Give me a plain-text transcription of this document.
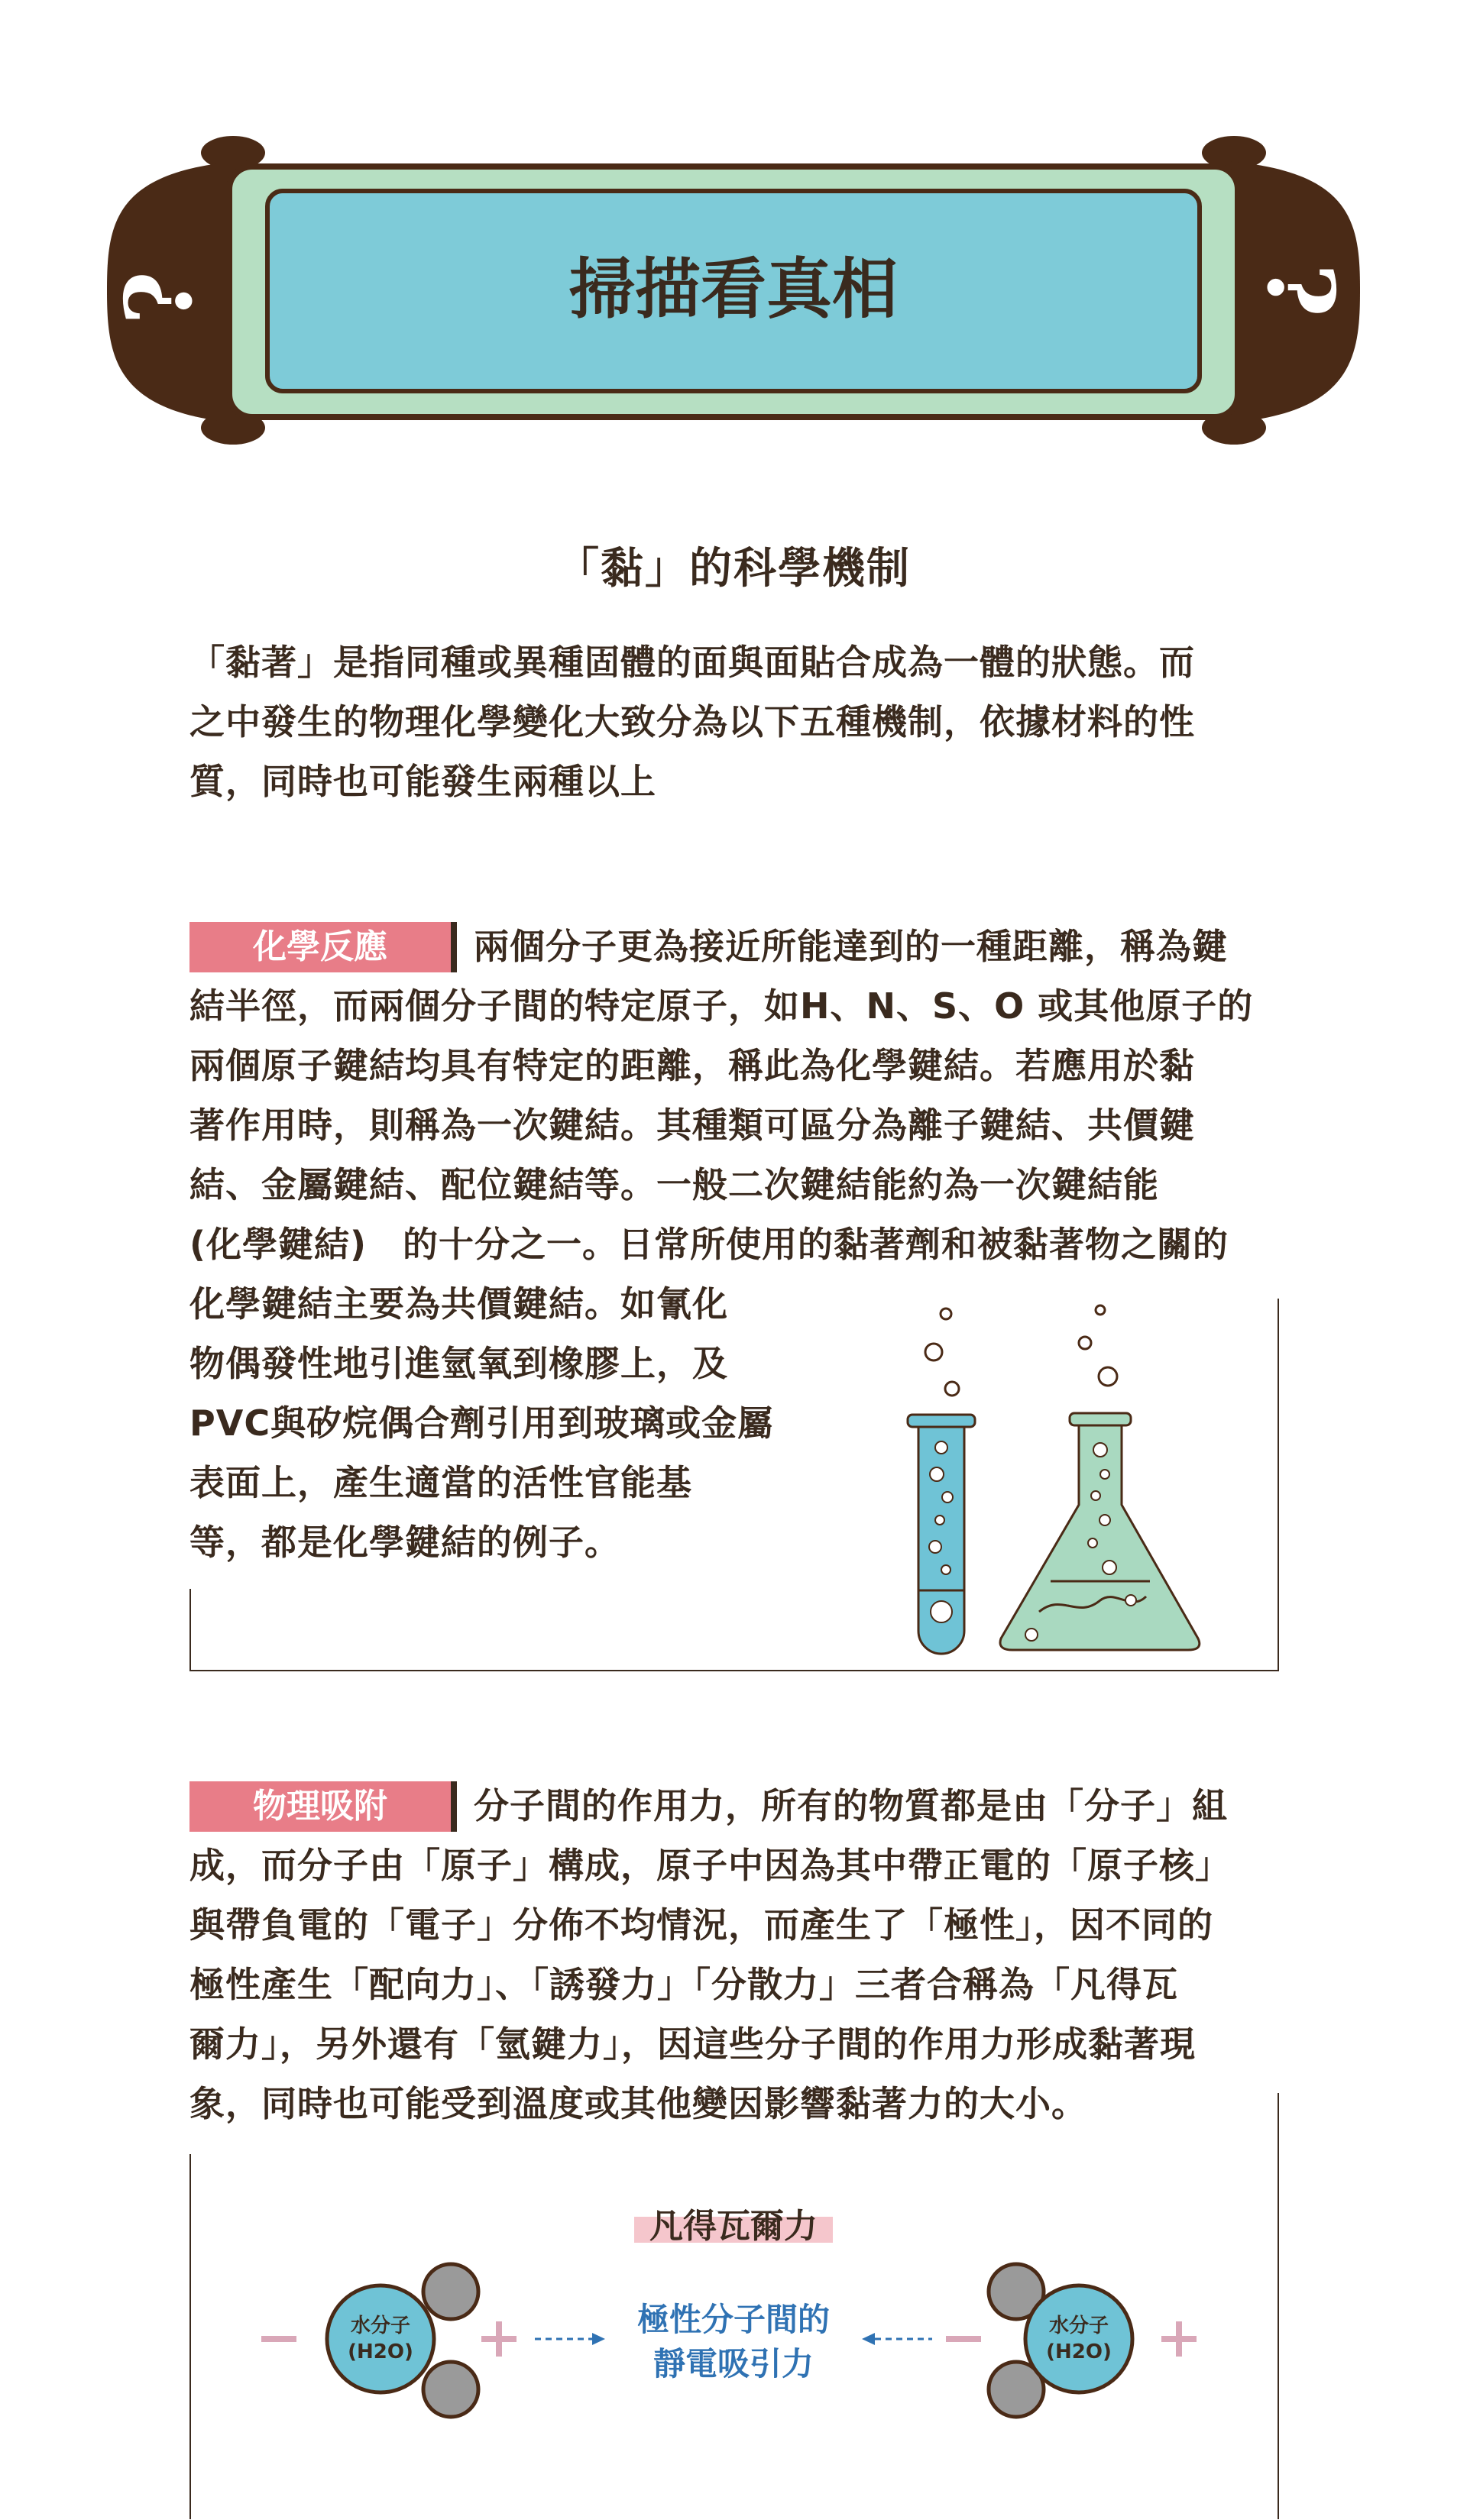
?	?
掃描看真相
「黏」的科學機制

「黏著」是指同種或異種固體的面與面貼合成為一體的狀態。而

之中發生的物理化學變化大致分為以下五種機制，依據材料的性

質，同時也可能發生兩種以上

化學反應	兩個分子更為接近所能達到的一種距離，稱為鍵

結半徑，而兩個分子間的特定原子，如H、N、S、O 或其他原子的

兩個原子鍵結均具有特定的距離，稱此為化學鍵結。若應用於黏

著作用時，則稱為一次鍵結。其種類可區分為離子鍵結、共價鍵

結、金屬鍵結、配位鍵結等。一般二次鍵結能約為一次鍵結能

(化學鍵結)　的十分之一。日常所使用的黏著劑和被黏著物之關的

化學鍵結主要為共價鍵結。如氰化

物偶發性地引進氫氧到橡膠上，及

PVC與矽烷偶合劑引用到玻璃或金屬

表面上，產生適當的活性官能基

等，都是化學鍵結的例子。

物理吸附	分子間的作用力，所有的物質都是由「分子」組

成，而分子由「原子」構成，原子中因為其中帶正電的「原子核」

與帶負電的「電子」分佈不均情況，而產生了「極性」，因不同的

極性產生「配向力」、「誘發力」「分散力」三者合稱為「凡得瓦

爾力」，另外還有「氫鍵力」，因這些分子間的作用力形成黏著現

象，同時也可能受到溫度或其他變因影響黏著力的大小。

凡得瓦爾力
水分子
(H2O)
水分子
(H2O)
極性分子間的
靜電吸引力
